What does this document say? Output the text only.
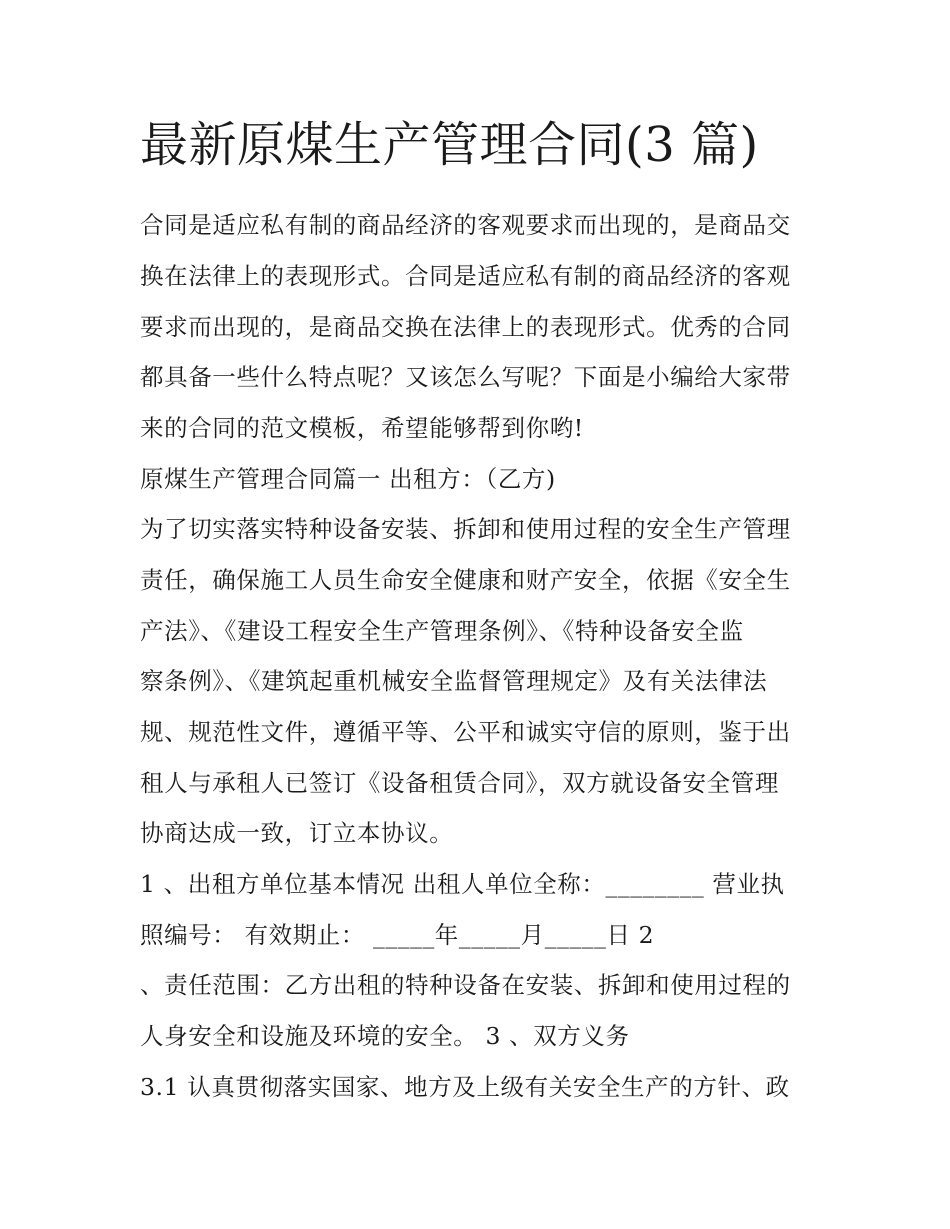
最新原煤生产管理合同(3 篇)

合同是适应私有制的商品经济的客观要求而出现的，是商品交

换在法律上的表现形式。合同是适应私有制的商品经济的客观

要求而出现的，是商品交换在法律上的表现形式。优秀的合同

都具备一些什么特点呢？又该怎么写呢？下面是小编给大家带

来的合同的范文模板，希望能够帮到你哟!

原煤生产管理合同篇一 出租方：（乙方)

为了切实落实特种设备安装、拆卸和使用过程的安全生产管理

责任，确保施工人员生命安全健康和财产安全，依据《安全生

产法》、《建设工程安全生产管理条例》、《特种设备安全监

察条例》、《建筑起重机械安全监督管理规定》及有关法律法

规、规范性文件，遵循平等、公平和诚实守信的原则，鉴于出

租人与承租人已签订《设备租赁合同》，双方就设备安全管理

协商达成一致，订立本协议。

1 、出租方单位基本情况 出租人单位全称：________ 营业执

照编号： 有效期止： _____年_____月_____日 2

、责任范围：乙方出租的特种设备在安装、拆卸和使用过程的

人身安全和设施及环境的安全。 3 、双方义务

3.1 认真贯彻落实国家、地方及上级有关安全生产的方针、政
